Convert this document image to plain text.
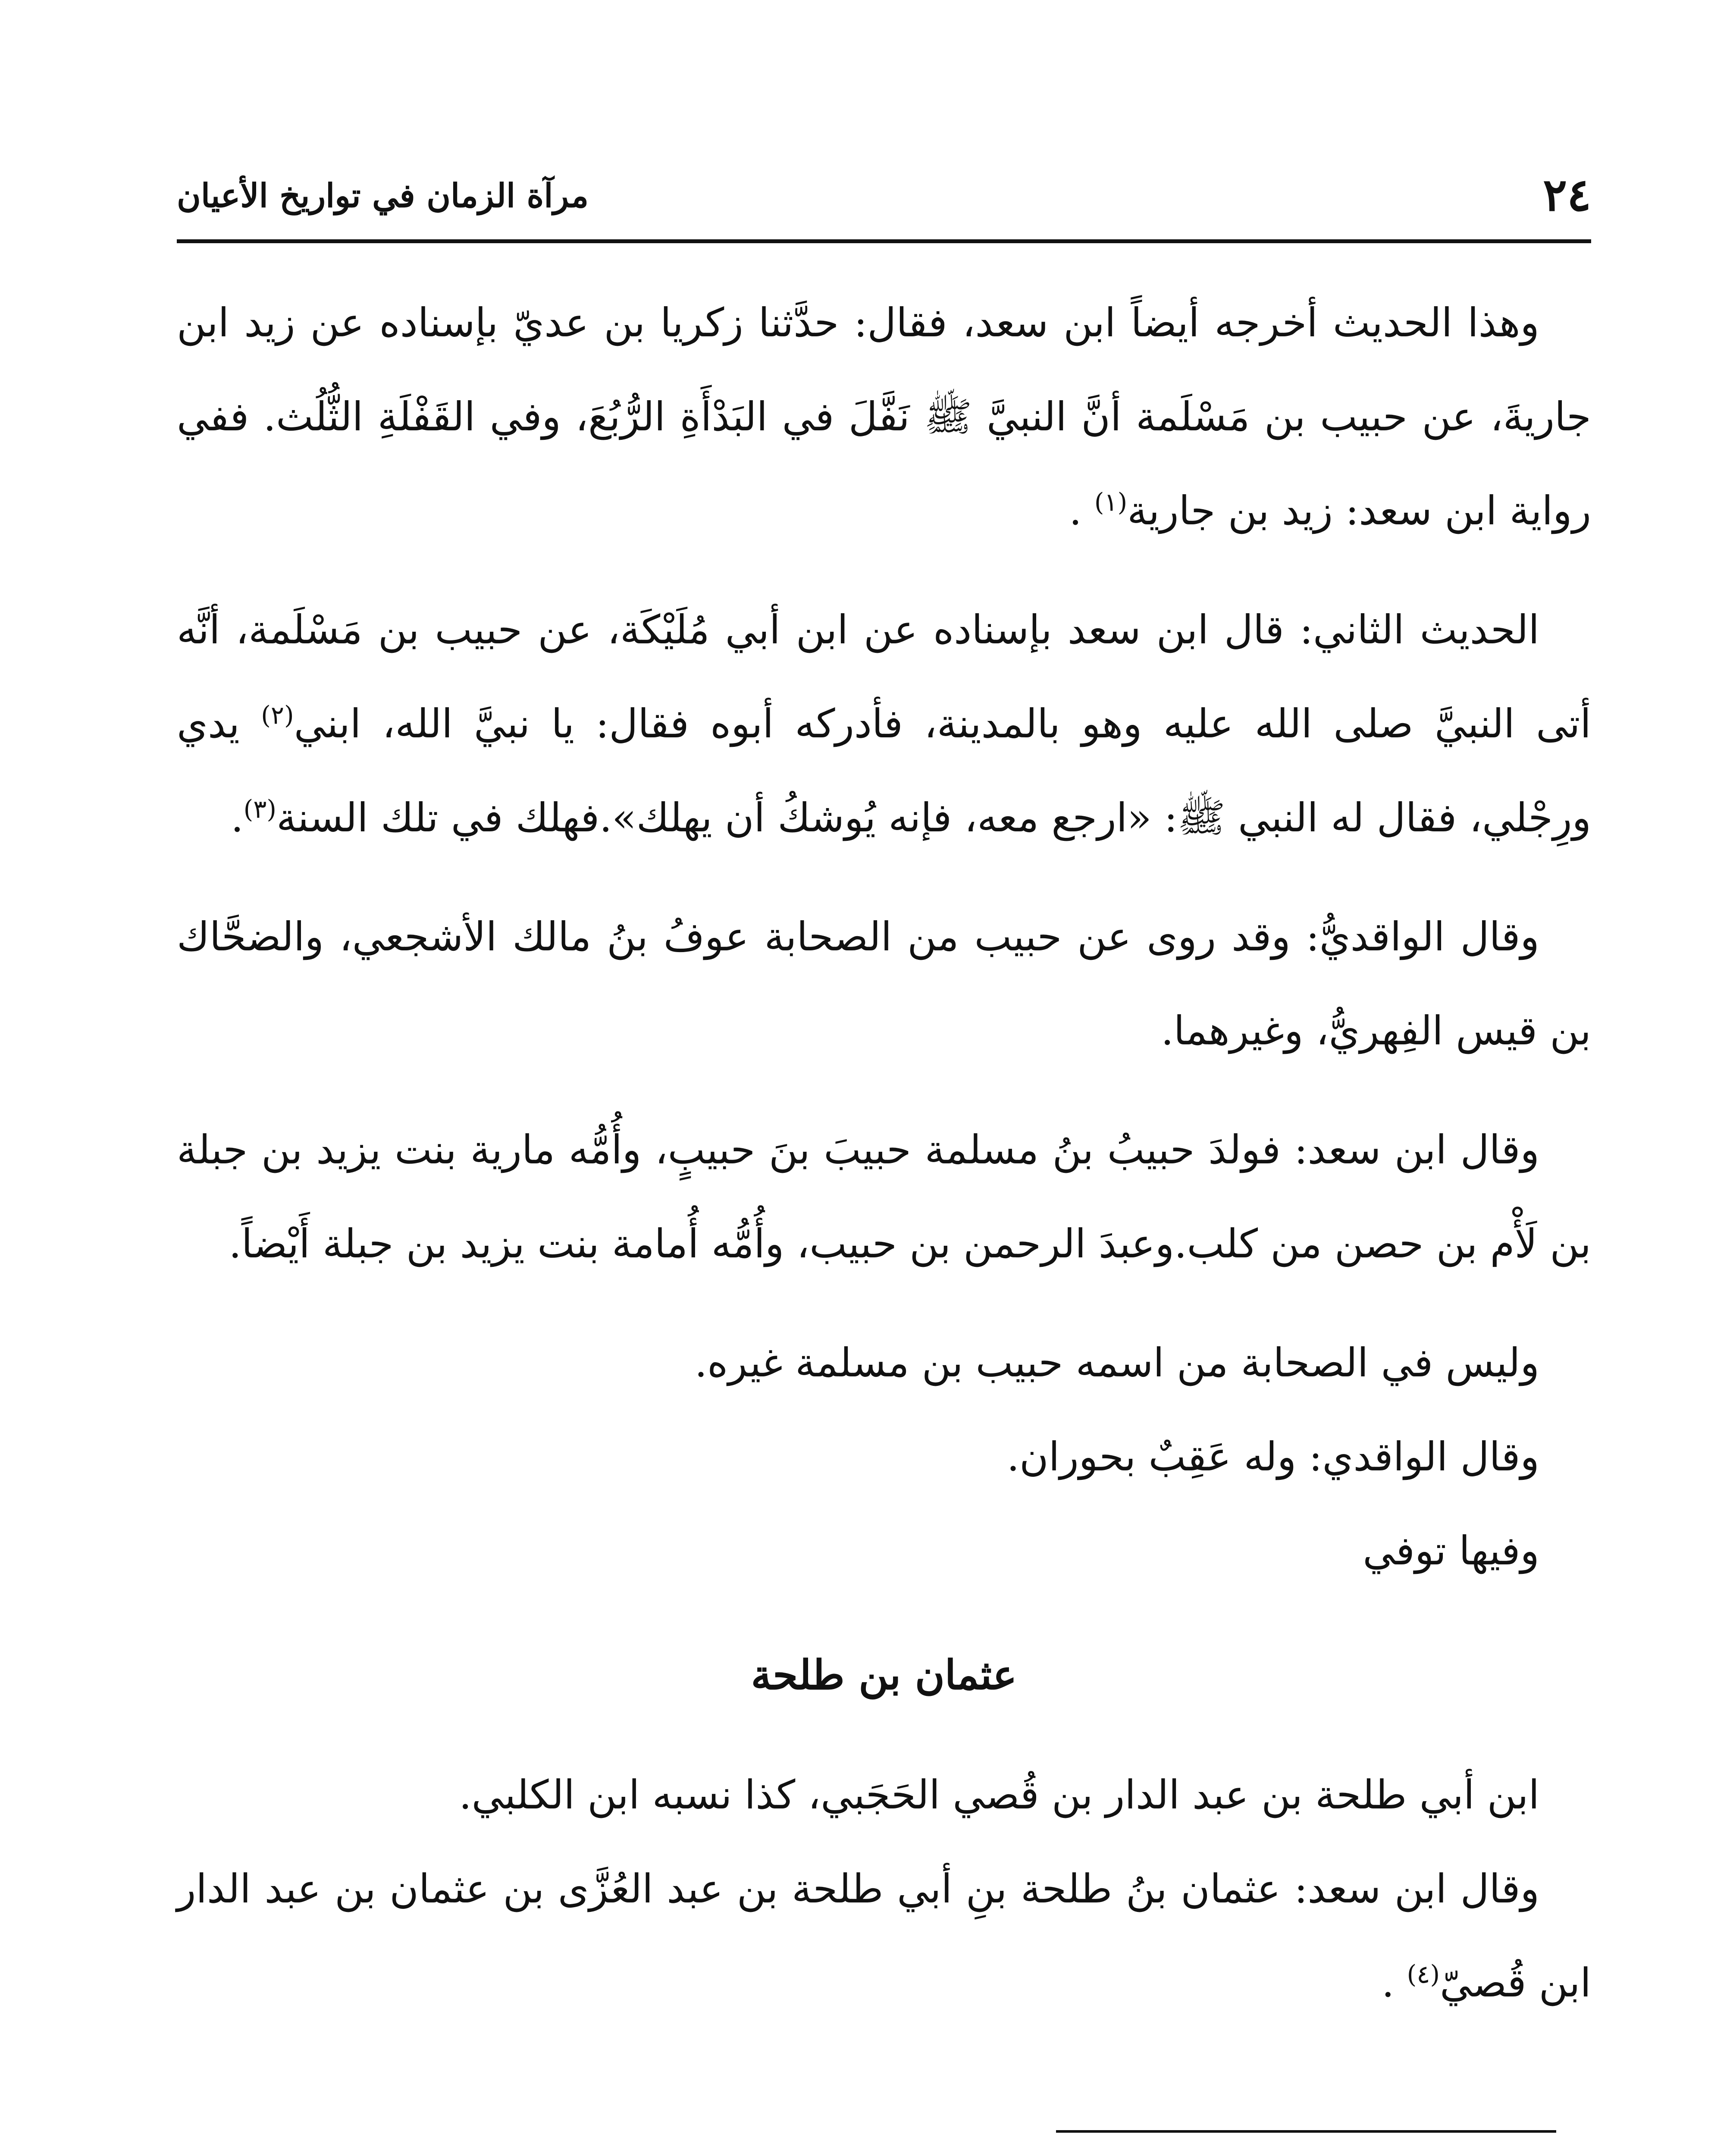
٢٤
مرآة الزمان في تواريخ الأعيان

وهذا الحديث أخرجه أيضاً ابن سعد، فقال: حدَّثنا زكريا بن عديّ بإسناده عن زيد ابن جاريةَ، عن حبيب بن مَسْلَمة أنَّ النبيَّ ﷺ نَفَّلَ في البَدْأَةِ الرُّبُعَ، وفي القَفْلَةِ الثُّلُث. ففي رواية ابن سعد: زيد بن جارية$^{(١)}$ .

الحديث الثاني: قال ابن سعد بإسناده عن ابن أبي مُلَيْكَة، عن حبيب بن مَسْلَمة، أنَّه أتى النبيَّ صلى الله عليه وهو بالمدينة، فأدركه أبوه فقال: يا نبيَّ الله، ابني$^{(٢)}$ يدي ورِجْلي، فقال له النبي ﷺ: «ارجع معه، فإنه يُوشكُ أن يهلك».فهلك في تلك السنة$^{(٣)}$.

وقال الواقديُّ: وقد روى عن حبيب من الصحابة عوفُ بنُ مالك الأشجعي، والضحَّاك بن قيس الفِهريُّ، وغيرهما.

وقال ابن سعد: فولدَ حبيبُ بنُ مسلمة حبيبَ بنَ حبيبٍ، وأُمُّه مارية بنت يزيد بن جبلة بن لَأْم بن حصن من كلب.وعبدَ الرحمن بن حبيب، وأُمُّه أُمامة بنت يزيد بن جبلة أَيْضاً.

وليس في الصحابة من اسمه حبيب بن مسلمة غيره.

وقال الواقدي: وله عَقِبٌ بحوران.

وفيها توفي

عثمان بن طلحة

ابن أبي طلحة بن عبد الدار بن قُصي الحَجَبي، كذا نسبه ابن الكلبي.

وقال ابن سعد: عثمان بنُ طلحة بنِ أبي طلحة بن عبد العُزَّى بن عثمان بن عبد الدار ابن قُصيّ$^{(٤)}$ .
